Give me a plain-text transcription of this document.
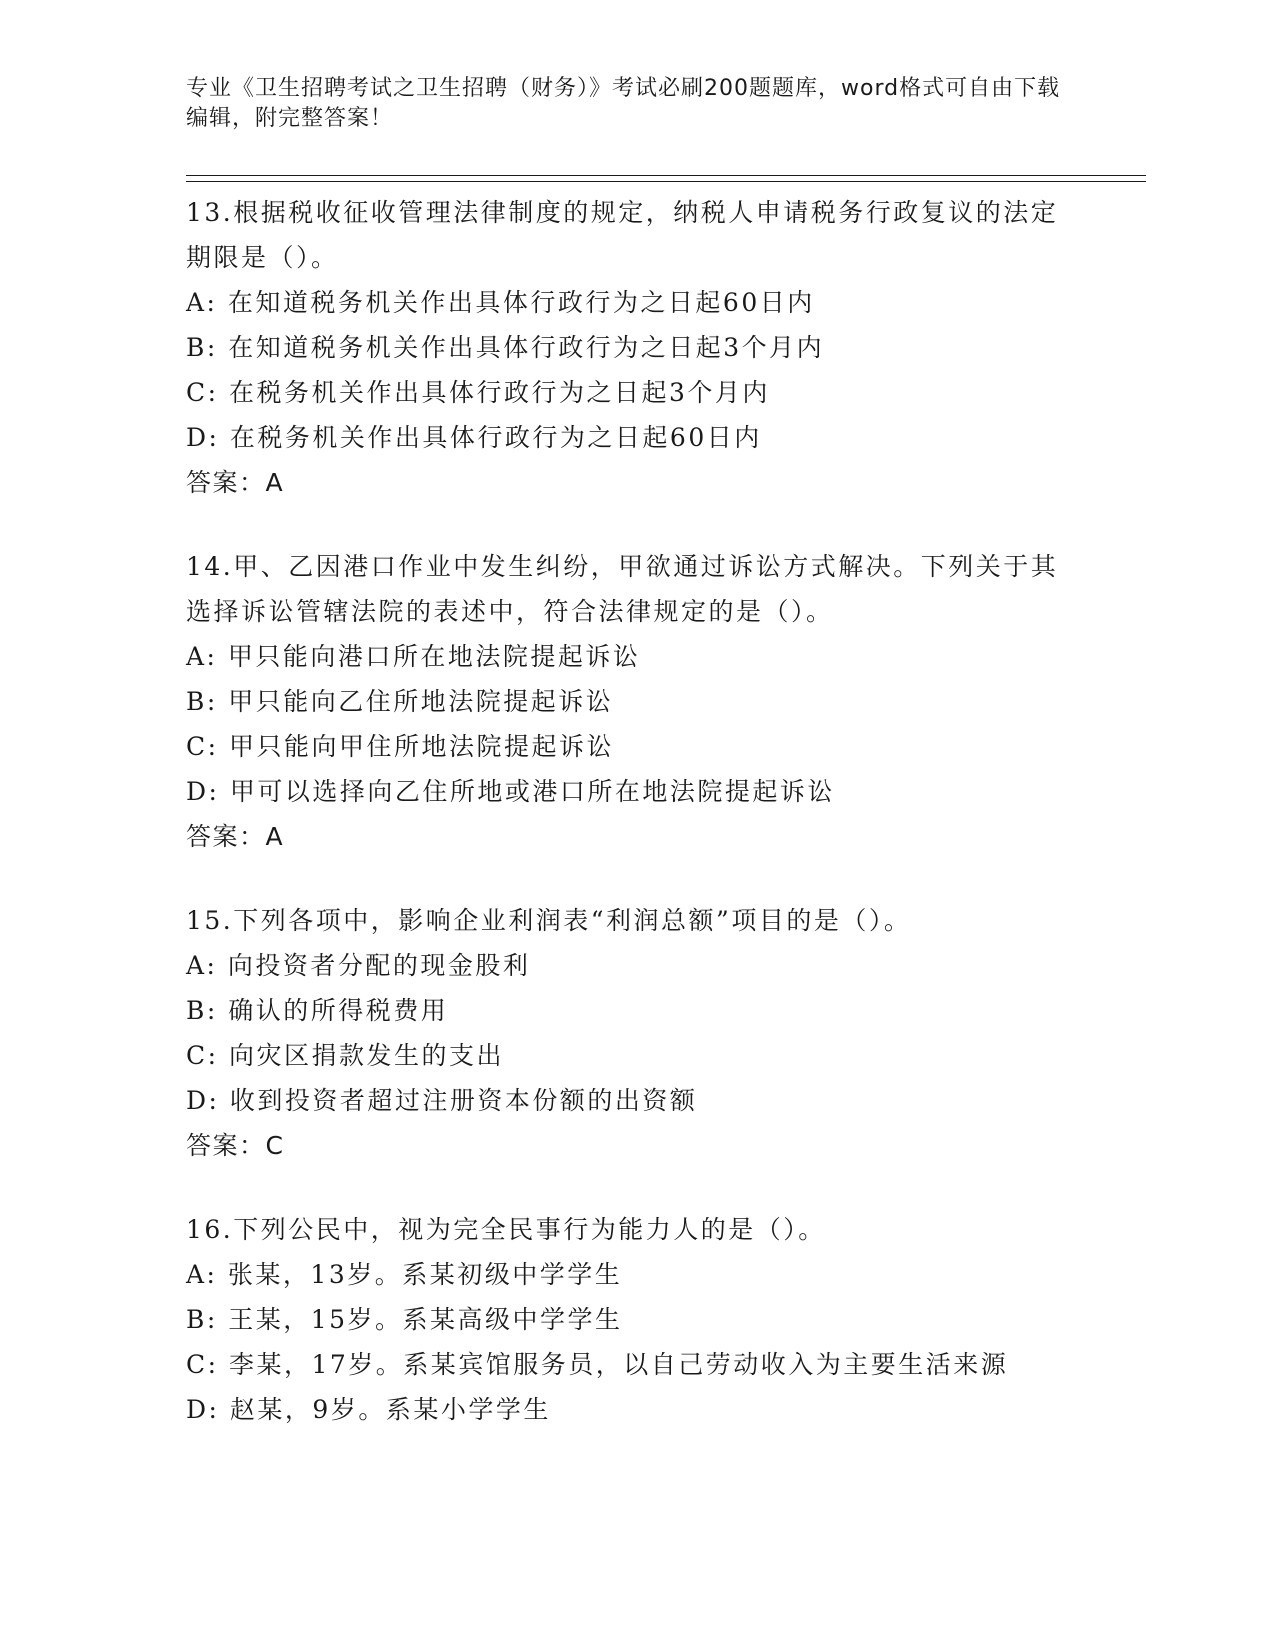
专业《卫生招聘考试之卫生招聘（财务）》考试必刷200题题库，word格式可自由下载编辑，附完整答案！
13.根据税收征收管理法律制度的规定，纳税人申请税务行政复议的法定期限是（）。
A: 在知道税务机关作出具体行政行为之日起60日内
B: 在知道税务机关作出具体行政行为之日起3个月内
C: 在税务机关作出具体行政行为之日起3个月内
D: 在税务机关作出具体行政行为之日起60日内
答案：A
14.甲、乙因港口作业中发生纠纷，甲欲通过诉讼方式解决。下列关于其选择诉讼管辖法院的表述中，符合法律规定的是（）。
A: 甲只能向港口所在地法院提起诉讼
B: 甲只能向乙住所地法院提起诉讼
C: 甲只能向甲住所地法院提起诉讼
D: 甲可以选择向乙住所地或港口所在地法院提起诉讼
答案：A
15.下列各项中，影响企业利润表“利润总额”项目的是（）。
A: 向投资者分配的现金股利
B: 确认的所得税费用
C: 向灾区捐款发生的支出
D: 收到投资者超过注册资本份额的出资额
答案：C
16.下列公民中，视为完全民事行为能力人的是（）。
A: 张某，13岁。系某初级中学学生
B: 王某，15岁。系某高级中学学生
C: 李某，17岁。系某宾馆服务员，以自己劳动收入为主要生活来源
D: 赵某，9岁。系某小学学生
